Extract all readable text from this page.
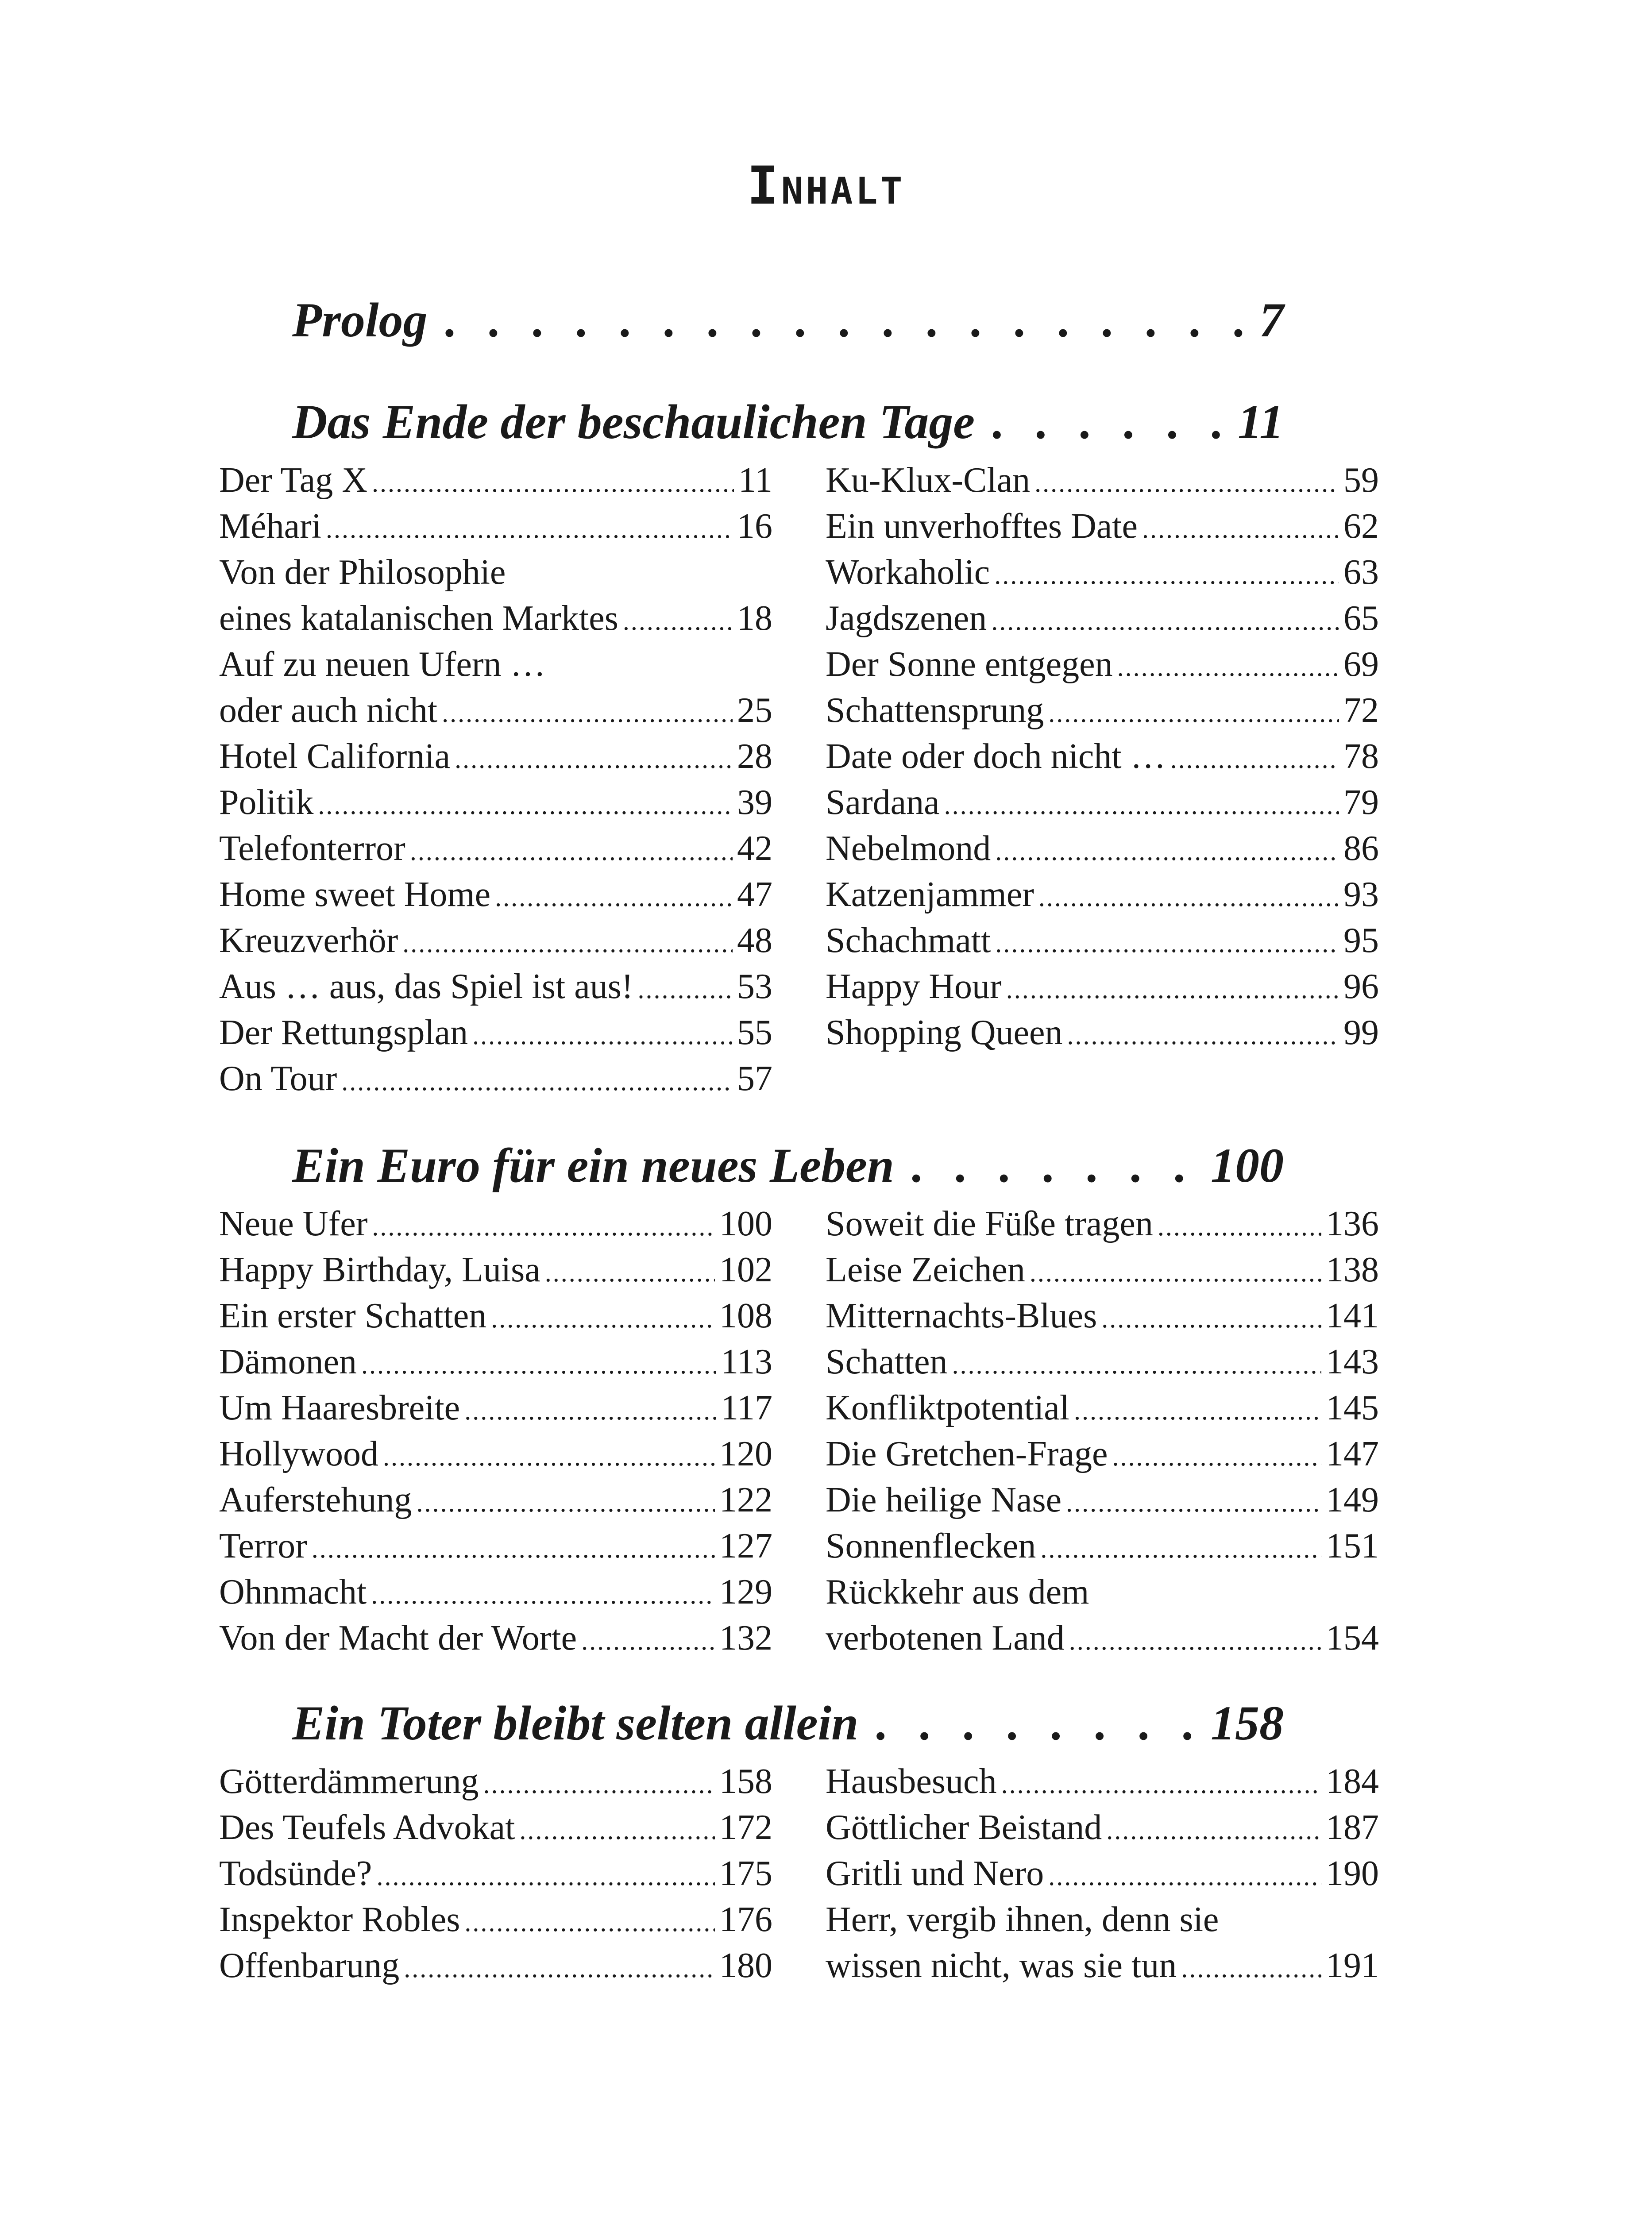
Inhalt
Prolog . . .	7
Das Ende der beschaulichen Tage . . .	11
Der Tag X .....	11
Méhari .....	16
Von der Philosophie
eines katalanischen Marktes .....	18
Auf zu neuen Ufern …
oder auch nicht .....	25
Hotel California .....	28
Politik .....	39
Telefonterror .....	42
Home sweet Home .....	47
Kreuzverhör .....	48
Aus … aus, das Spiel ist aus! .....	53
Der Rettungsplan .....	55
On Tour .....	57
Ku-Klux-Clan .....	59
Ein unverhofftes Date .....	62
Workaholic .....	63
Jagdszenen .....	65
Der Sonne entgegen .....	69
Schattensprung .....	72
Date oder doch nicht … .....	78
Sardana .....	79
Nebelmond .....	86
Katzenjammer .....	93
Schachmatt .....	95
Happy Hour .....	96
Shopping Queen .....	99
Ein Euro für ein neues Leben . . .	100
Neue Ufer .....	100
Happy Birthday, Luisa .....	102
Ein erster Schatten .....	108
Dämonen .....	113
Um Haaresbreite .....	117
Hollywood .....	120
Auferstehung .....	122
Terror .....	127
Ohnmacht .....	129
Von der Macht der Worte .....	132
Soweit die Füße tragen .....	136
Leise Zeichen .....	138
Mitternachts-Blues .....	141
Schatten .....	143
Konfliktpotential .....	145
Die Gretchen-Frage .....	147
Die heilige Nase .....	149
Sonnenflecken .....	151
Rückkehr aus dem
verbotenen Land .....	154
Ein Toter bleibt selten allein . . .	158
Götterdämmerung .....	158
Des Teufels Advokat .....	172
Todsünde? .....	175
Inspektor Robles .....	176
Offenbarung .....	180
Hausbesuch .....	184
Göttlicher Beistand .....	187
Gritli und Nero .....	190
Herr, vergib ihnen, denn sie
wissen nicht, was sie tun .....	191
